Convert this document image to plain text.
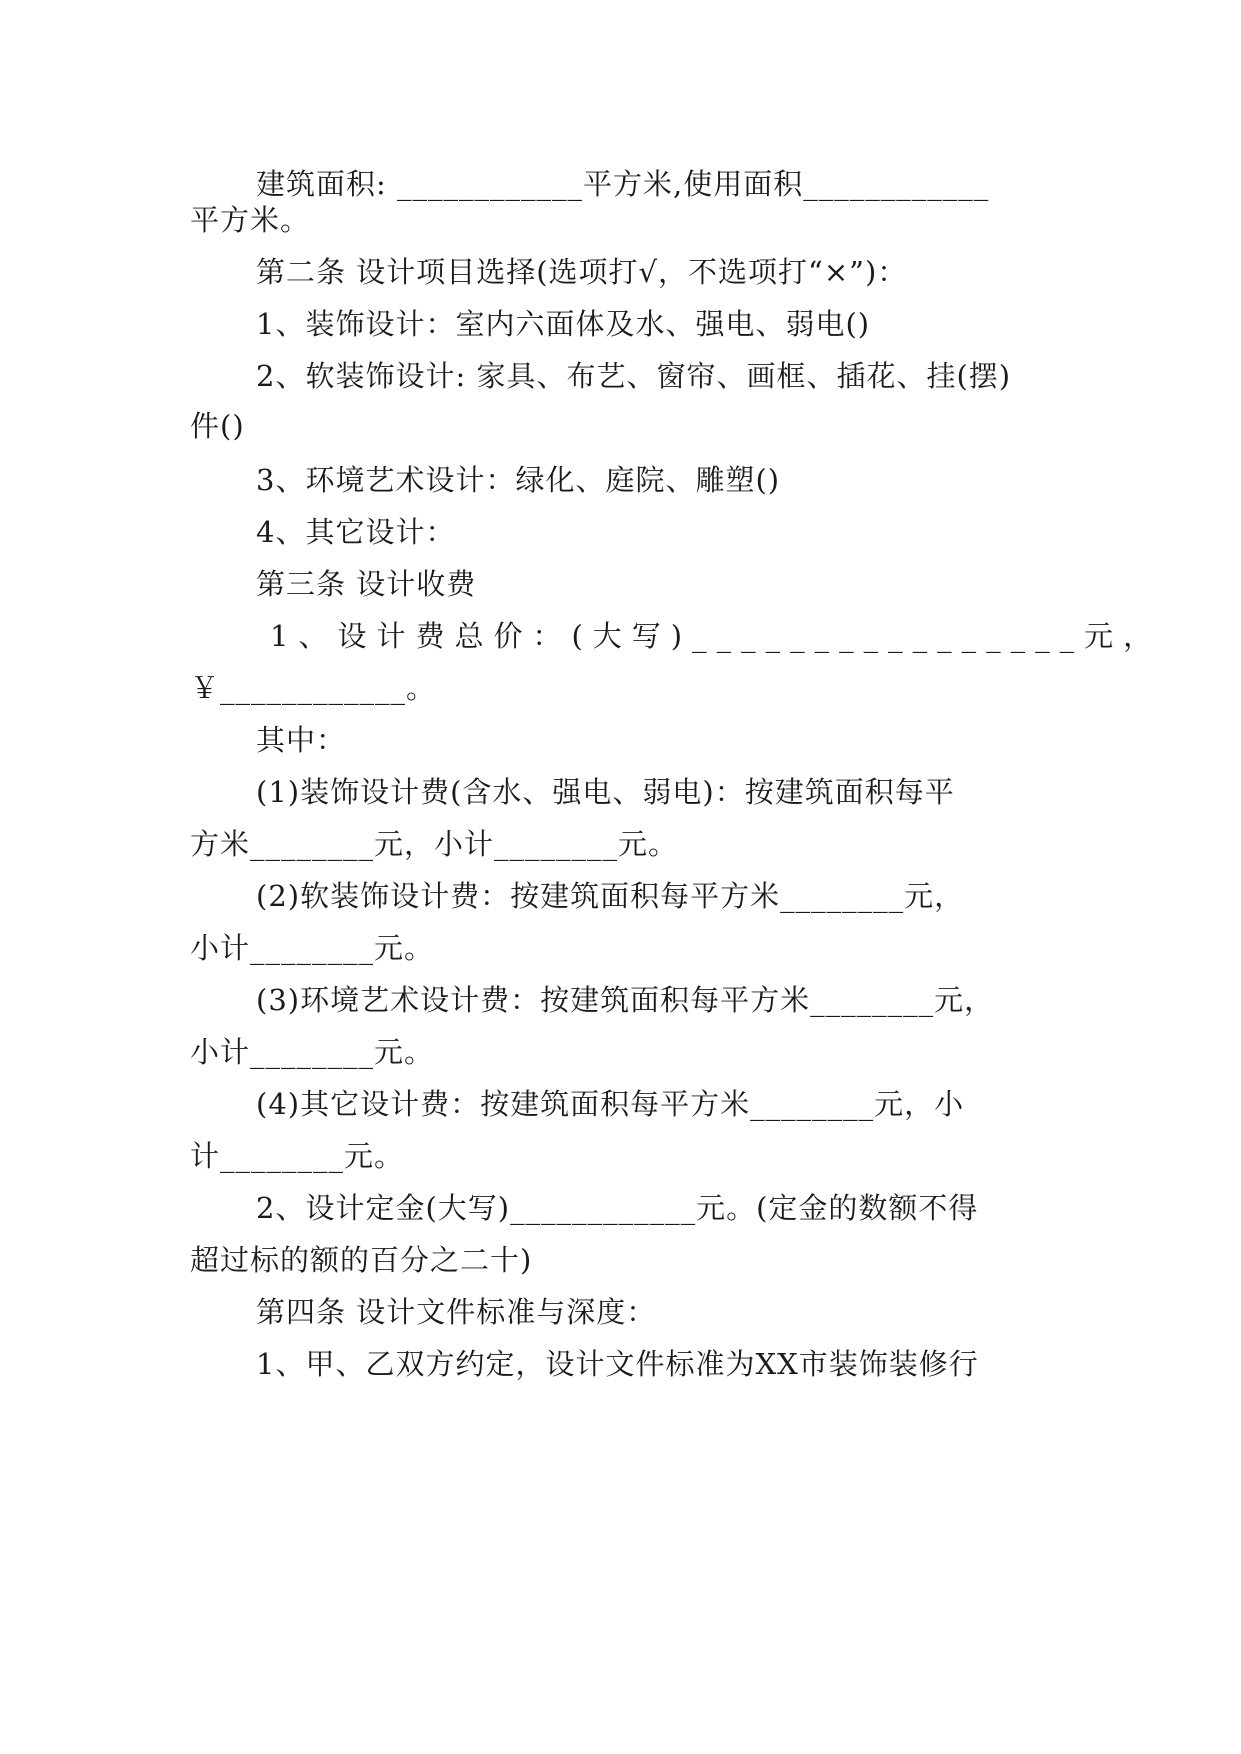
建筑面积: ____________平方米,使用面积____________
平方米。
第二条 设计项目选择(选项打√，不选项打“×”)：
1、装饰设计：室内六面体及水、强电、弱电()
2、软装饰设计: 家具、布艺、窗帘、画框、插花、挂(摆)
件()
3、环境艺术设计：绿化、庭院、雕塑()
4、其它设计：
第三条 设计收费
1、设计费总价：(大写)________________元，
￥____________。
其中：
(1)装饰设计费(含水、强电、弱电)：按建筑面积每平
方米________元，小计________元。
(2)软装饰设计费：按建筑面积每平方米________元，
小计________元。
(3)环境艺术设计费：按建筑面积每平方米________元，
小计________元。
(4)其它设计费：按建筑面积每平方米________元，小
计________元。
2、设计定金(大写)____________元。(定金的数额不得
超过标的额的百分之二十)
第四条 设计文件标准与深度：
1、甲、乙双方约定，设计文件标准为XX市装饰装修行
